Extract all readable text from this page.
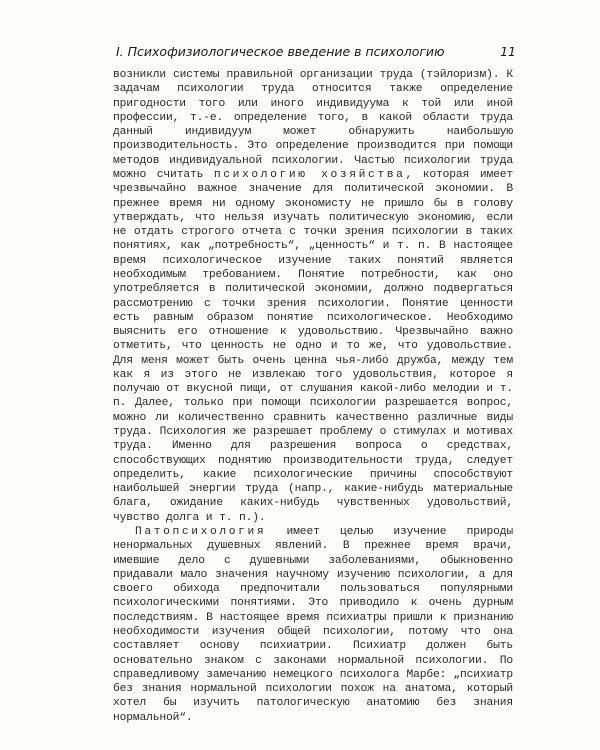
I. Психофизиологическое введение в психологию	11

возникли системы правильной организации труда (тэйлоризм). К задачам психологии труда относится также определение пригодности того или иного индивидуума к той или иной профессии, т.-е. определение того, в какой области труда данный индивидуум может обнаружить наибольшую производительность. Это определение производится при помощи методов индивидуальной психологии. Частью психологии труда можно считать психологию хозяйства, которая имеет чрезвычайно важное значение для политической экономии. В прежнее время ни одному экономисту не пришло бы в голову утверждать, что нельзя изучать политическую экономию, если не отдать строгого отчета с точки зрения психологии в таких понятиях, как „потребность“, „ценность“ и т. п. В настоящее время психологическое изучение таких понятий является необходимым требованием. Понятие потребности, как оно употребляется в политической экономии, должно подвергаться рассмотрению с точки зрения психологии. Понятие ценности есть равным образом понятие психологическое. Необходимо выяснить его отношение к удовольствию. Чрезвычайно важно отметить, что ценность не одно и то же, что удовольствие. Для меня может быть очень ценна чья-либо дружба, между тем как я из этого не извлекаю того удовольствия, которое я получаю от вкусной пищи, от слушания какой-либо мелодии и т. п. Далее, только при помощи психологии разрешается вопрос, можно ли количественно сравнить качественно различные виды труда. Психология же разрешает проблему о стимулах и мотивах труда. Именно для разрешения вопроса о средствах, способствующих поднятию производительности труда, следует определить, какие психологические причины способствуют наибольшей энергии труда (напр., какие-нибудь материальные блага, ожидание каких-нибудь чувственных удовольствий, чувство долга и т. п.).

Патопсихология имеет целью изучение природы ненормальных душевных явлений. В прежнее время врачи, имевшие дело с душевными заболеваниями, обыкновенно придавали мало значения научному изучению психологии, а для своего обихода предпочитали пользоваться популярными психологическими понятиями. Это приводило к очень дурным последствиям. В настоящее время психиатры пришли к признанию необходимости изучения общей психологии, потому что она составляет основу психиатрии. Психиатр должен быть основательно знаком с законами нормальной психологии. По справедливому замечанию немецкого психолога Марбе: „психиатр без знания нормальной психологии похож на анатома, который хотел бы изучить патологическую анатомию без знания нормальной“.
